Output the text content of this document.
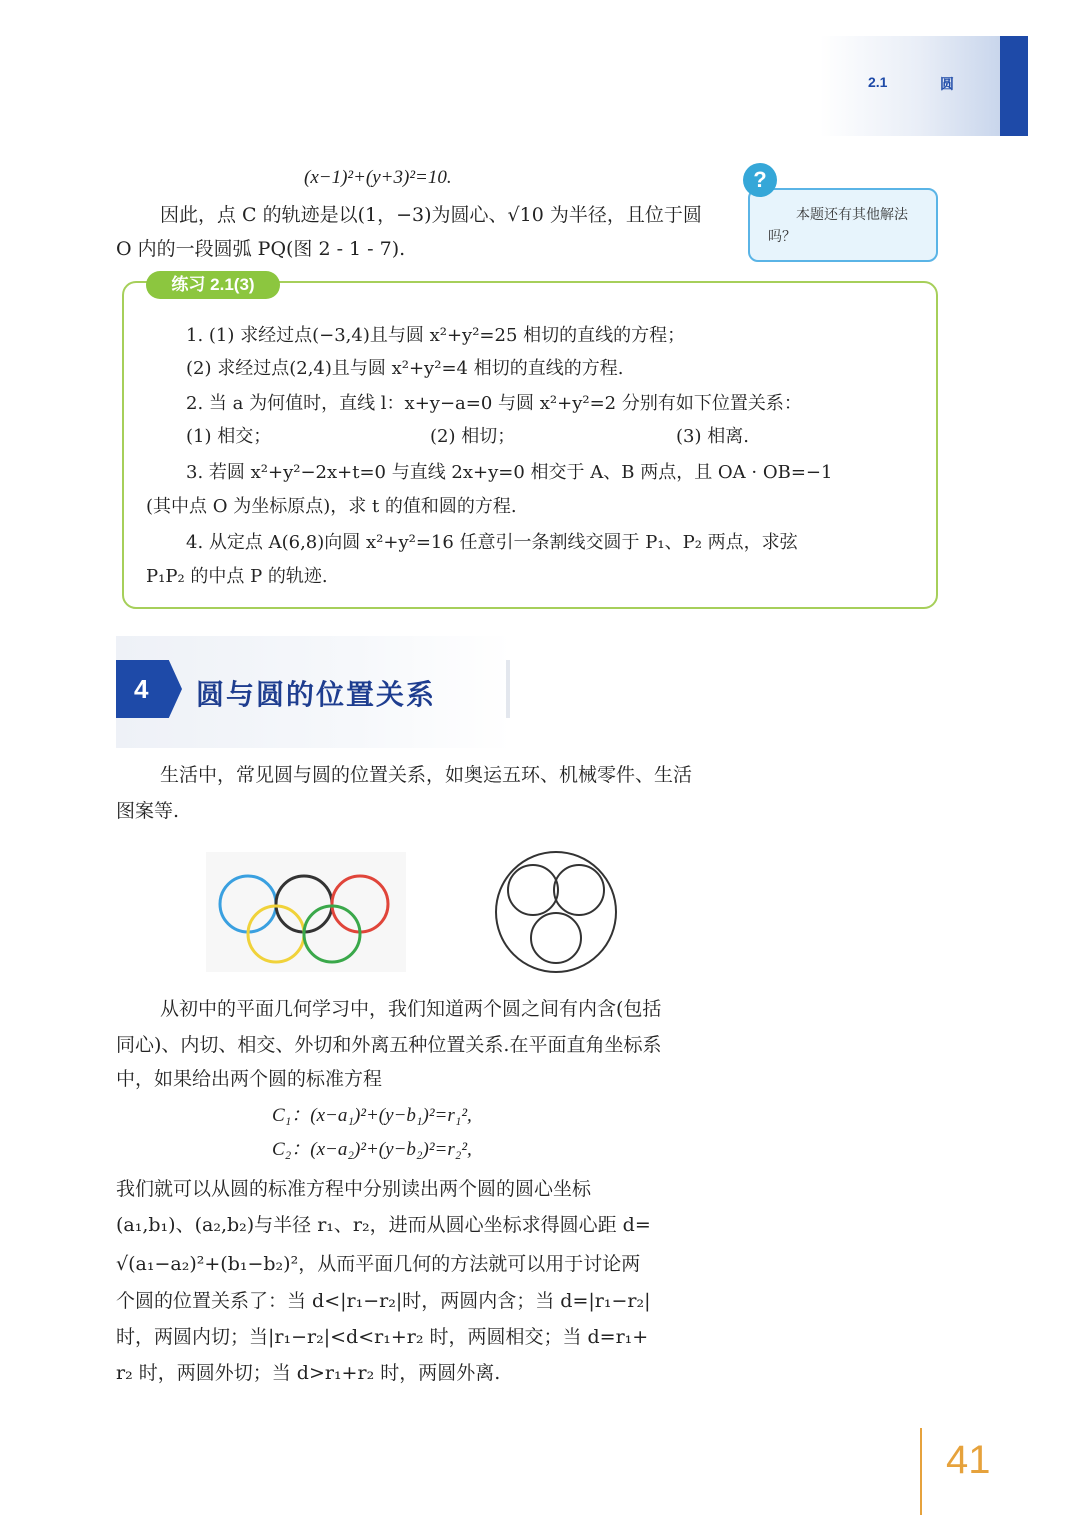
2.1	圆
(x−1)²+(y+3)²=10.
因此，点 C 的轨迹是以(1，−3)为圆心、√10 为半径，且位于圆
O 内的一段圆弧 PQ(图 2 - 1 - 7).
?
本题还有其他解法吗？
练习 2.1(3)
1. (1) 求经过点(−3,4)且与圆 x²+y²=25 相切的直线的方程；
(2) 求经过点(2,4)且与圆 x²+y²=4 相切的直线的方程.
2. 当 a 为何值时，直线 l：x+y−a=0 与圆 x²+y²=2 分别有如下位置关系：
(1) 相交；	(2) 相切；	(3) 相离.
3. 若圆 x²+y²−2x+t=0 与直线 2x+y=0 相交于 A、B 两点，且 OA · OB=−1
(其中点 O 为坐标原点)，求 t 的值和圆的方程.
4. 从定点 A(6,8)向圆 x²+y²=16 任意引一条割线交圆于 P₁、P₂ 两点，求弦
P₁P₂ 的中点 P 的轨迹.
4 圆与圆的位置关系
生活中，常见圆与圆的位置关系，如奥运五环、机械零件、生活
图案等.
从初中的平面几何学习中，我们知道两个圆之间有内含(包括
同心)、内切、相交、外切和外离五种位置关系.在平面直角坐标系
中，如果给出两个圆的标准方程
C₁：(x−a₁)²+(y−b₁)²=r₁²,
C₂：(x−a₂)²+(y−b₂)²=r₂²,
我们就可以从圆的标准方程中分别读出两个圆的圆心坐标
(a₁,b₁)、(a₂,b₂)与半径 r₁、r₂，进而从圆心坐标求得圆心距 d=
√(a₁−a₂)²+(b₁−b₂)²，从而平面几何的方法就可以用于讨论两
个圆的位置关系了：当 d<|r₁−r₂|时，两圆内含；当 d=|r₁−r₂|
时，两圆内切；当|r₁−r₂|<d<r₁+r₂ 时，两圆相交；当 d=r₁+
r₂ 时，两圆外切；当 d>r₁+r₂ 时，两圆外离.
41
